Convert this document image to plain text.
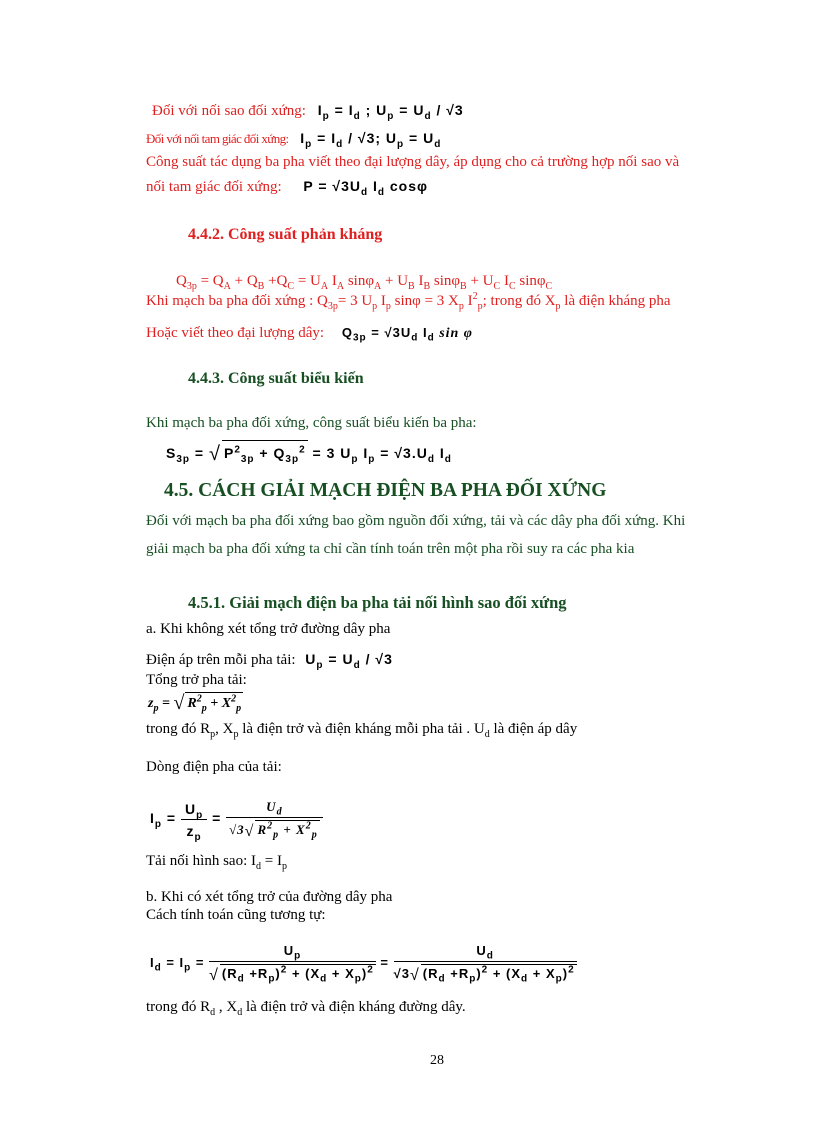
Đối với nối sao đối xứng: $I_p = I_d$ ; $U_p = U_d / √3$
Đối với nối tam giác đối xứng: $I_p = I_d / √3$; $U_p = U_d$
Công suất tác dụng ba pha viết theo đại lượng dây, áp dụng cho cả trường hợp nối sao và
nối tam giác đối xứng: $P = √3U_d$ $I_d$ cosφ
4.4.2. Công suất phản kháng
$Q_{3p} = Q_A + Q_B +Q_C = U_A$ $I_A$ $\sin\varphi_A + U_B$ $I_B$ $\sin\varphi_B + U_C$ $I_C$ sinφ$_C$
Khi mạch ba pha đối xứng : $Q_{3p}= 3$ $U_p$ $I_p$ sinφ = 3 $X_p$ $I^2_p$; trong đó $X_p$ là điện kháng pha
Hoặc viết theo đại lượng dây: $Q_{3p} = √3U_d$ $I_d$ sin φ
4.4.3. Công suất biểu kiến
Khi mạch ba pha đối xứng, công suất biểu kiến ba pha:
$S_{3p}$ = √ $P^2_{3p} + Q_{3p}^2 = 3$ $U_p$ $I_p = √3.U_d$ $I_d$
4.5. CÁCH GIẢI MẠCH ĐIỆN BA PHA ĐỐI XỨNG
Đối với mạch ba pha đối xứng bao gồm nguồn đối xứng, tải và các dây pha đối xứng. Khi
giải mạch ba pha đối xứng ta chỉ cần tính toán trên một pha rồi suy ra các pha kia
4.5.1. Giải mạch điện ba pha tải nối hình sao đối xứng
a. Khi không xét tổng trở đường dây pha
Điện áp trên mỗi pha tải: $U_p = U_d / √3$
Tổng trở pha tải:
$z_p$ = √ $R^2_p + X^2_p$
trong đó $R_p$, $X_p$ là điện trở và điện kháng mỗi pha tải . $U_d$ là điện áp dây
Dòng điện pha của tải:
$I_p = \frac{U_p}{z_p} = \frac{U_d}{√3√ R^2_p + X^2_p}$
Tải nối hình sao: $I_d = I_p$
b. Khi có xét tổng trở của đường dây pha
Cách tính toán cũng tương tự:
$I_d = I_p = \frac{U_p}{√ (R_d +R_p)^2 + (X_d + X_p)^2} = \frac{U_d}{√3√ (R_d +R_p)^2 + (X_d + X_p)^2}$
trong đó $R_d$ , $X_d$ là điện trở và điện kháng đường dây.
28
